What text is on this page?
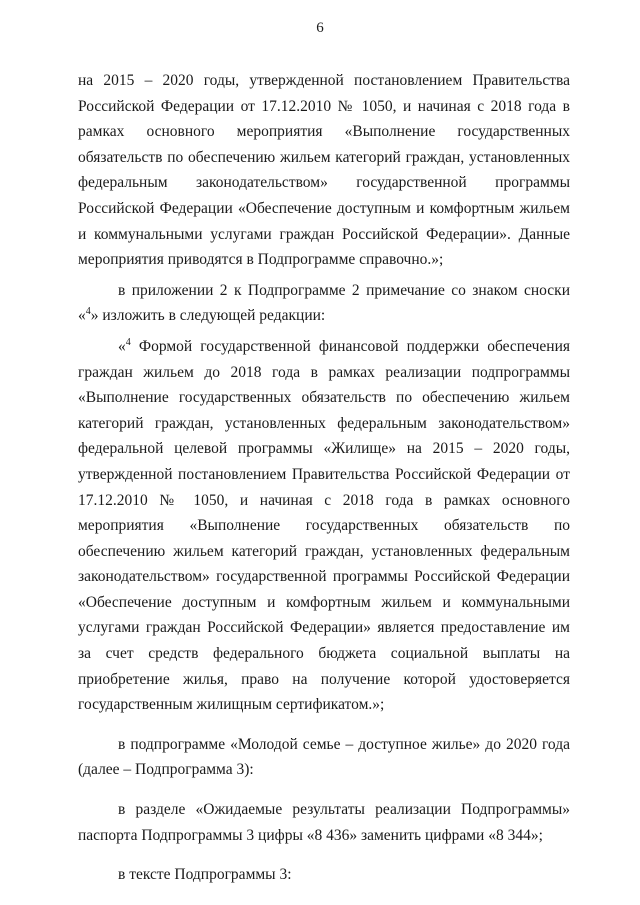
6

на 2015 – 2020 годы, утвержденной постановлением Правительства Российской Федерации от 17.12.2010 № 1050, и начиная с 2018 года в рамках основного мероприятия «Выполнение государственных обязательств по обеспечению жильем категорий граждан, установленных федеральным законодательством» государственной программы Российской Федерации «Обеспечение доступным и комфортным жильем и коммунальными услугами граждан Российской Федерации». Данные мероприятия приводятся в Подпрограмме справочно.»;

в приложении 2 к Подпрограмме 2 примечание со знаком сноски «$^4$» изложить в следующей редакции:

«$^4$ Формой государственной финансовой поддержки обеспечения граждан жильем до 2018 года в рамках реализации подпрограммы «Выполнение государственных обязательств по обеспечению жильем категорий граждан, установленных федеральным законодательством» федеральной целевой программы «Жилище» на 2015 – 2020 годы, утвержденной постановлением Правительства Российской Федерации от 17.12.2010 № 1050, и начиная с 2018 года в рамках основного мероприятия «Выполнение государственных обязательств по обеспечению жильем категорий граждан, установленных федеральным законодательством» государственной программы Российской Федерации «Обеспечение доступным и комфортным жильем и коммунальными услугами граждан Российской Федерации» является предоставление им за счет средств федерального бюджета социальной выплаты на приобретение жилья, право на получение которой удостоверяется государственным жилищным сертификатом.»;

в подпрограмме «Молодой семье – доступное жилье» до 2020 года (далее – Подпрограмма 3):

в разделе «Ожидаемые результаты реализации Подпрограммы» паспорта Подпрограммы 3 цифры «8 436» заменить цифрами «8 344»;

в тексте Подпрограммы 3:
